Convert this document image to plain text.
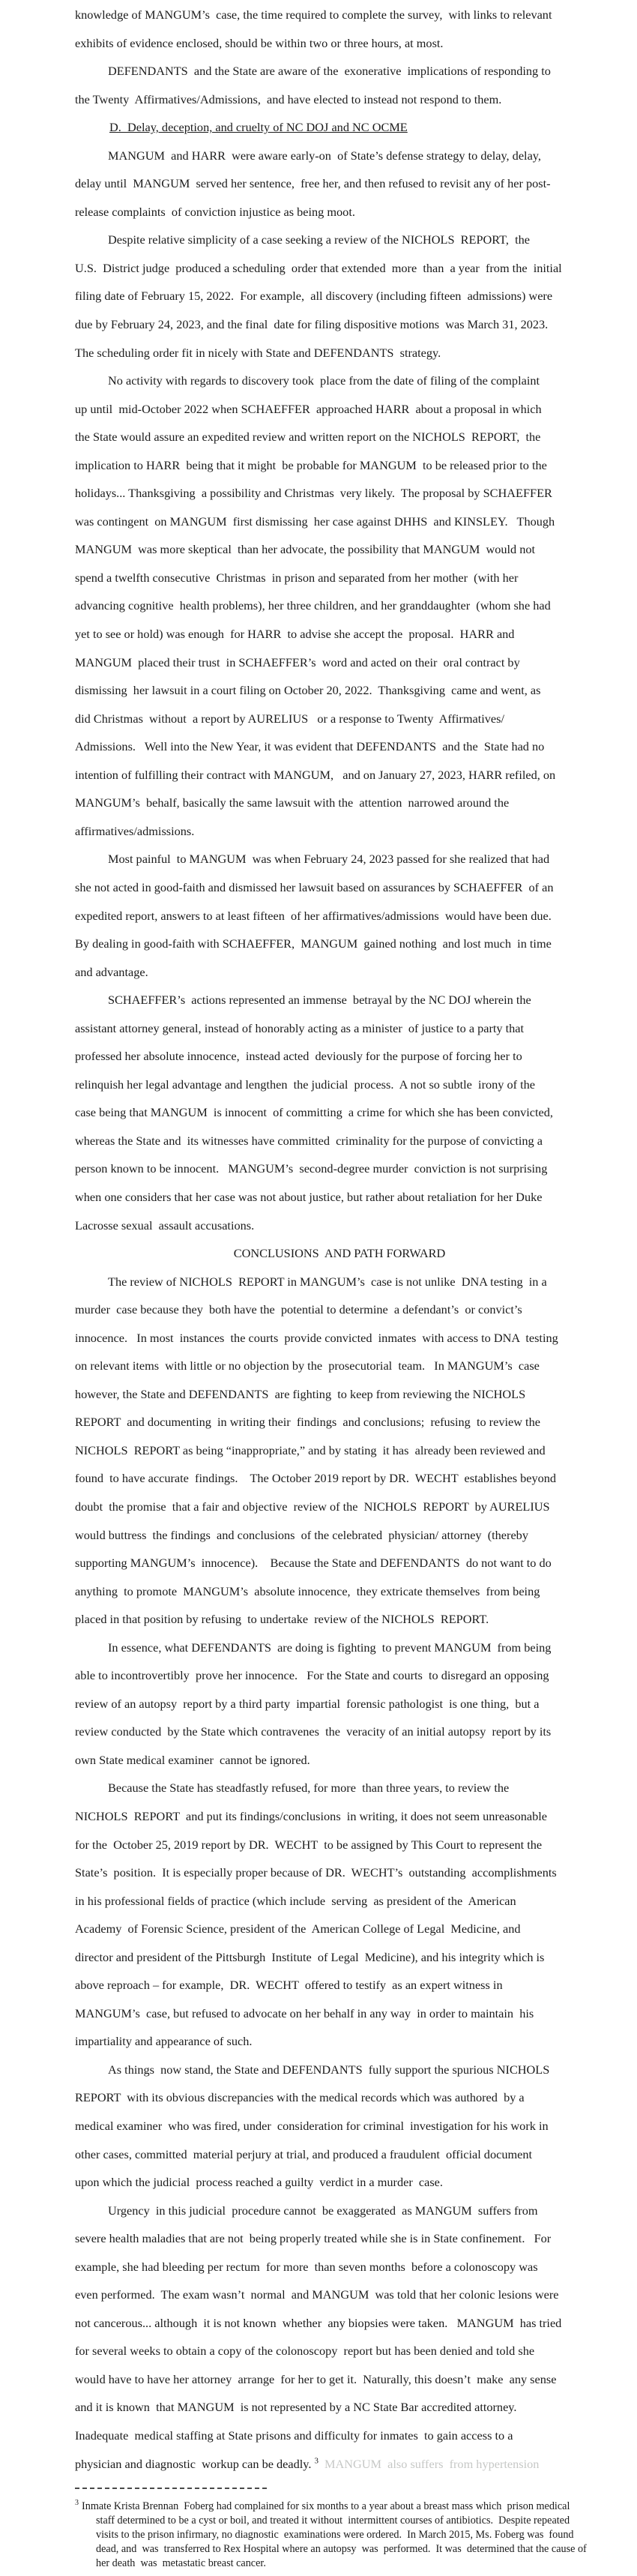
knowledge of MANGUM’s  case, the time required to complete the survey,  with links to relevant
exhibits of evidence enclosed, should be within two or three hours, at most.
DEFENDANTS  and the State are aware of the  exonerative  implications of responding to
the Twenty  Affirmatives/Admissions,  and have elected to instead not respond to them.
D.  Delay, deception, and cruelty of NC DOJ and NC OCME
MANGUM  and HARR  were aware early-on  of State’s defense strategy to delay, delay,
delay until  MANGUM  served her sentence,  free her, and then refused to revisit any of her post-
release complaints  of conviction injustice as being moot.
Despite relative simplicity of a case seeking a review of the NICHOLS  REPORT,  the
U.S.  District judge  produced a scheduling  order that extended  more  than  a year  from the  initial
filing date of February 15, 2022.  For example,  all discovery (including fifteen  admissions) were
due by February 24, 2023, and the final  date for filing dispositive motions  was March 31, 2023.
The scheduling order fit in nicely with State and DEFENDANTS  strategy.
No activity with regards to discovery took  place from the date of filing of the complaint
up until  mid-October 2022 when SCHAEFFER  approached HARR  about a proposal in which
the State would assure an expedited review and written report on the NICHOLS  REPORT,  the
implication to HARR  being that it might  be probable for MANGUM  to be released prior to the
holidays... Thanksgiving  a possibility and Christmas  very likely.  The proposal by SCHAEFFER
was contingent  on MANGUM  first dismissing  her case against DHHS  and KINSLEY.   Though
MANGUM  was more skeptical  than her advocate, the possibility that MANGUM  would not
spend a twelfth consecutive  Christmas  in prison and separated from her mother  (with her
advancing cognitive  health problems), her three children, and her granddaughter  (whom she had
yet to see or hold) was enough  for HARR  to advise she accept the  proposal.  HARR and
MANGUM  placed their trust  in SCHAEFFER’s  word and acted on their  oral contract by
dismissing  her lawsuit in a court filing on October 20, 2022.  Thanksgiving  came and went, as
did Christmas  without  a report by AURELIUS   or a response to Twenty  Affirmatives/
Admissions.   Well into the New Year, it was evident that DEFENDANTS  and the  State had no
intention of fulfilling their contract with MANGUM,   and on January 27, 2023, HARR refiled, on
MANGUM’s  behalf, basically the same lawsuit with the  attention  narrowed around the
affirmatives/admissions.
Most painful  to MANGUM  was when February 24, 2023 passed for she realized that had
she not acted in good-faith and dismissed her lawsuit based on assurances by SCHAEFFER  of an
expedited report, answers to at least fifteen  of her affirmatives/admissions  would have been due.
By dealing in good-faith with SCHAEFFER,  MANGUM  gained nothing  and lost much  in time
and advantage.
SCHAEFFER’s  actions represented an immense  betrayal by the NC DOJ wherein the
assistant attorney general, instead of honorably acting as a minister  of justice to a party that
professed her absolute innocence,  instead acted  deviously for the purpose of forcing her to
relinquish her legal advantage and lengthen  the judicial  process.  A not so subtle  irony of the
case being that MANGUM  is innocent  of committing  a crime for which she has been convicted,
whereas the State and  its witnesses have committed  criminality for the purpose of convicting a
person known to be innocent.   MANGUM’s  second-degree murder  conviction is not surprising
when one considers that her case was not about justice, but rather about retaliation for her Duke
Lacrosse sexual  assault accusations.
CONCLUSIONS  AND PATH FORWARD
The review of NICHOLS  REPORT in MANGUM’s  case is not unlike  DNA testing  in a
murder  case because they  both have the  potential to determine  a defendant’s  or convict’s
innocence.   In most  instances  the courts  provide convicted  inmates  with access to DNA  testing
on relevant items  with little or no objection by the  prosecutorial  team.   In MANGUM’s  case
however, the State and DEFENDANTS  are fighting  to keep from reviewing the NICHOLS
REPORT  and documenting  in writing their  findings  and conclusions;  refusing  to review the
NICHOLS  REPORT as being “inappropriate,” and by stating  it has  already been reviewed and
found  to have accurate  findings.    The October 2019 report by DR.  WECHT  establishes beyond
doubt  the promise  that a fair and objective  review of the  NICHOLS  REPORT  by AURELIUS
would buttress  the findings  and conclusions  of the celebrated  physician/ attorney  (thereby
supporting MANGUM’s  innocence).    Because the State and DEFENDANTS  do not want to do
anything  to promote  MANGUM’s  absolute innocence,  they extricate themselves  from being
placed in that position by refusing  to undertake  review of the NICHOLS  REPORT.
In essence, what DEFENDANTS  are doing is fighting  to prevent MANGUM  from being
able to incontrovertibly  prove her innocence.   For the State and courts  to disregard an opposing
review of an autopsy  report by a third party  impartial  forensic pathologist  is one thing,  but a
review conducted  by the State which contravenes  the  veracity of an initial autopsy  report by its
own State medical examiner  cannot be ignored.
Because the State has steadfastly refused, for more  than three years, to review the
NICHOLS  REPORT  and put its findings/conclusions  in writing, it does not seem unreasonable
for the  October 25, 2019 report by DR.  WECHT  to be assigned by This Court to represent the
State’s  position.  It is especially proper because of DR.  WECHT’s  outstanding  accomplishments
in his professional fields of practice (which include  serving  as president of the  American
Academy  of Forensic Science, president of the  American College of Legal  Medicine, and
director and president of the Pittsburgh  Institute  of Legal  Medicine), and his integrity which is
above reproach – for example,  DR.  WECHT  offered to testify  as an expert witness in
MANGUM’s  case, but refused to advocate on her behalf in any way  in order to maintain  his
impartiality and appearance of such.
As things  now stand, the State and DEFENDANTS  fully support the spurious NICHOLS
REPORT  with its obvious discrepancies with the medical records which was authored  by a
medical examiner  who was fired, under  consideration for criminal  investigation for his work in
other cases, committed  material perjury at trial, and produced a fraudulent  official document
upon which the judicial  process reached a guilty  verdict in a murder  case.
Urgency  in this judicial  procedure cannot  be exaggerated  as MANGUM  suffers from
severe health maladies that are not  being properly treated while she is in State confinement.   For
example, she had bleeding per rectum  for more  than seven months  before a colonoscopy was
even performed.  The exam wasn’t  normal  and MANGUM  was told that her colonic lesions were
not cancerous... although  it is not known  whether  any biopsies were taken.   MANGUM  has tried
for several weeks to obtain a copy of the colonoscopy  report but has been denied and told she
would have to have her attorney  arrange  for her to get it.  Naturally, this doesn’t  make  any sense
and it is known  that MANGUM  is not represented by a NC State Bar accredited attorney.
Inadequate  medical staffing at State prisons and difficulty for inmates  to gain access to a
physician and diagnostic  workup can be deadly. $^3$ MANGUM  also suffers  from hypertension
$^3$ Inmate Krista Brennan  Foberg had complained for six months to a year about a breast mass which  prison medical
staff determined to be a cyst or boil, and treated it without  intermittent courses of antibiotics.  Despite repeated
visits to the prison infirmary, no diagnostic  examinations were ordered.  In March 2015, Ms. Foberg was  found
dead, and  was  transferred to Rex Hospital where an autopsy  was  performed.  It was  determined that the cause of
her death  was  metastatic breast cancer.
